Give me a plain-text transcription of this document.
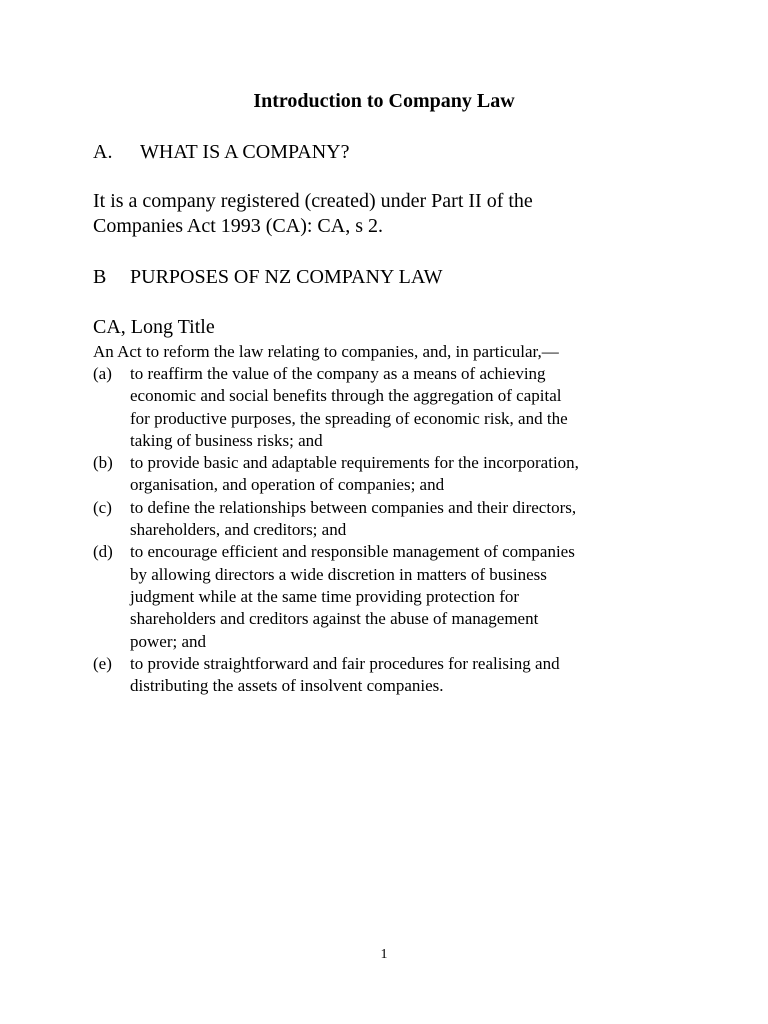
Introduction to Company Law
A. WHAT IS A COMPANY?
It is a company registered (created) under Part II of the
Companies Act 1993 (CA): CA, s 2.
B PURPOSES OF NZ COMPANY LAW
CA, Long Title
An Act to reform the law relating to companies, and, in particular,—
(a) to reaffirm the value of the company as a means of achieving
economic and social benefits through the aggregation of capital
for productive purposes, the spreading of economic risk, and the
taking of business risks; and
(b) to provide basic and adaptable requirements for the incorporation,
organisation, and operation of companies; and
(c) to define the relationships between companies and their directors,
shareholders, and creditors; and
(d) to encourage efficient and responsible management of companies
by allowing directors a wide discretion in matters of business
judgment while at the same time providing protection for
shareholders and creditors against the abuse of management
power; and
(e) to provide straightforward and fair procedures for realising and
distributing the assets of insolvent companies.
1
